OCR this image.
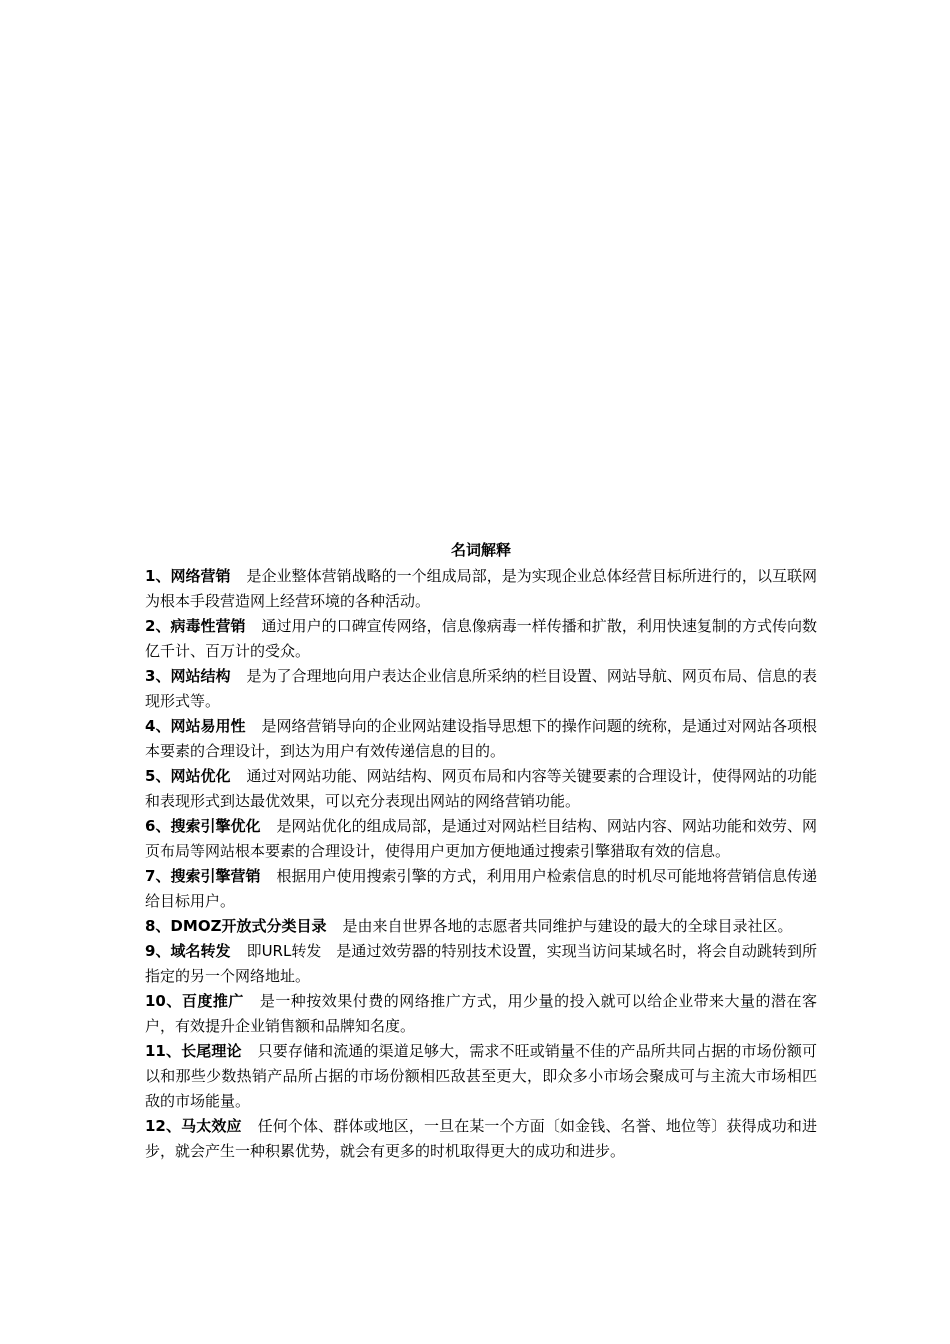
名词解释

1、网络营销 是企业整体营销战略的一个组成局部，是为实现企业总体经营目标所进行的，以互联网为根本手段营造网上经营环境的各种活动。

2、病毒性营销 通过用户的口碑宣传网络，信息像病毒一样传播和扩散，利用快速复制的方式传向数亿千计、百万计的受众。

3、网站结构 是为了合理地向用户表达企业信息所采纳的栏目设置、网站导航、网页布局、信息的表现形式等。

4、网站易用性 是网络营销导向的企业网站建设指导思想下的操作问题的统称，是通过对网站各项根本要素的合理设计，到达为用户有效传递信息的目的。

5、网站优化 通过对网站功能、网站结构、网页布局和内容等关键要素的合理设计，使得网站的功能和表现形式到达最优效果，可以充分表现出网站的网络营销功能。

6、搜索引擎优化 是网站优化的组成局部，是通过对网站栏目结构、网站内容、网站功能和效劳、网页布局等网站根本要素的合理设计，使得用户更加方便地通过搜索引擎猎取有效的信息。

7、搜索引擎营销 根据用户使用搜索引擎的方式，利用用户检索信息的时机尽可能地将营销信息传递给目标用户。

8、DMOZ开放式分类目录 是由来自世界各地的志愿者共同维护与建设的最大的全球目录社区。

9、域名转发 即URL转发　是通过效劳器的特别技术设置，实现当访问某域名时，将会自动跳转到所指定的另一个网络地址。

10、百度推广 是一种按效果付费的网络推广方式，用少量的投入就可以给企业带来大量的潜在客户，有效提升企业销售额和品牌知名度。

11、长尾理论 只要存储和流通的渠道足够大，需求不旺或销量不佳的产品所共同占据的市场份额可以和那些少数热销产品所占据的市场份额相匹敌甚至更大，即众多小市场会聚成可与主流大市场相匹敌的市场能量。

12、马太效应 任何个体、群体或地区，一旦在某一个方面〔如金钱、名誉、地位等〕获得成功和进步，就会产生一种积累优势，就会有更多的时机取得更大的成功和进步。
